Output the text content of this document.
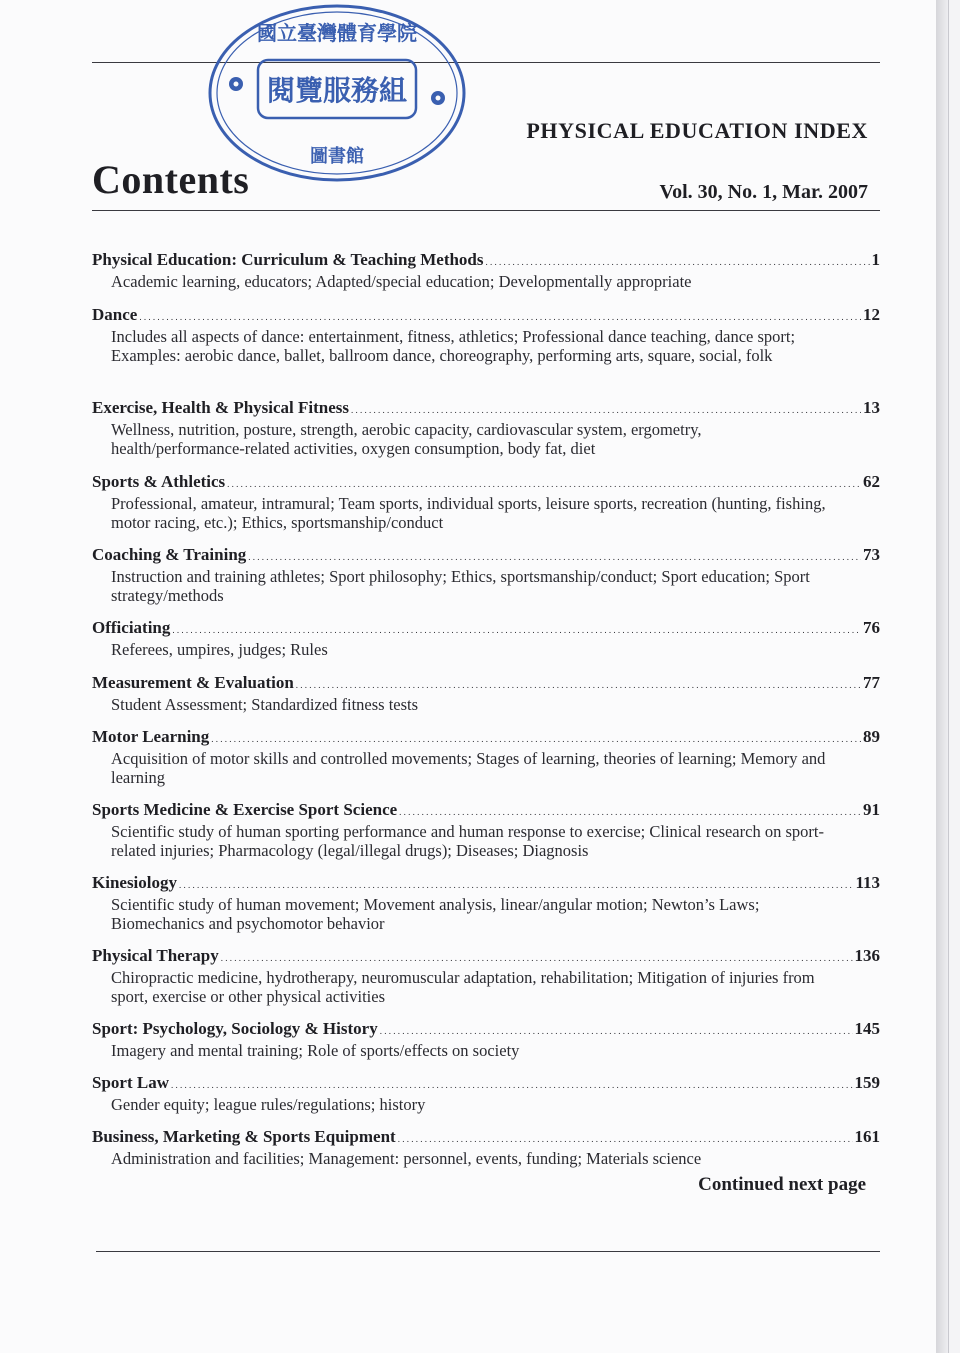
國立臺灣體育學院
閱覽服務組
圖書館
PHYSICAL EDUCATION INDEX
Contents	Vol. 30, No. 1, Mar. 2007
Physical Education: Curriculum & Teaching Methods . . .	1

Academic learning, educators; Adapted/special education; Developmentally appropriate

Dance . . .	12

Includes all aspects of dance: entertainment, fitness, athletics; Professional dance teaching, dance sport; Examples: aerobic dance, ballet, ballroom dance, choreography, performing arts, square, social, folk

Exercise, Health & Physical Fitness . . .	13

Wellness, nutrition, posture, strength, aerobic capacity, cardiovascular system, ergometry, health/performance-related activities, oxygen consumption, body fat, diet

Sports & Athletics . . .	62

Professional, amateur, intramural; Team sports, individual sports, leisure sports, recreation (hunting, fishing, motor racing, etc.); Ethics, sportsmanship/conduct

Coaching & Training . . .	73

Instruction and training athletes; Sport philosophy; Ethics, sportsmanship/conduct; Sport education; Sport strategy/methods

Officiating . . .	76

Referees, umpires, judges; Rules

Measurement & Evaluation . . .	77

Student Assessment; Standardized fitness tests

Motor Learning . . .	89

Acquisition of motor skills and controlled movements; Stages of learning, theories of learning; Memory and learning

Sports Medicine & Exercise Sport Science . . .	91

Scientific study of human sporting performance and human response to exercise; Clinical research on sport-related injuries; Pharmacology (legal/illegal drugs); Diseases; Diagnosis

Kinesiology . . .	113

Scientific study of human movement; Movement analysis, linear/angular motion; Newton’s Laws; Biomechanics and psychomotor behavior

Physical Therapy . . .	136

Chiropractic medicine, hydrotherapy, neuromuscular adaptation, rehabilitation; Mitigation of injuries from sport, exercise or other physical activities

Sport: Psychology, Sociology & History . . .	145

Imagery and mental training; Role of sports/effects on society

Sport Law . . .	159

Gender equity; league rules/regulations; history

Business, Marketing & Sports Equipment . . .	161

Administration and facilities; Management: personnel, events, funding; Materials science

Continued next page
